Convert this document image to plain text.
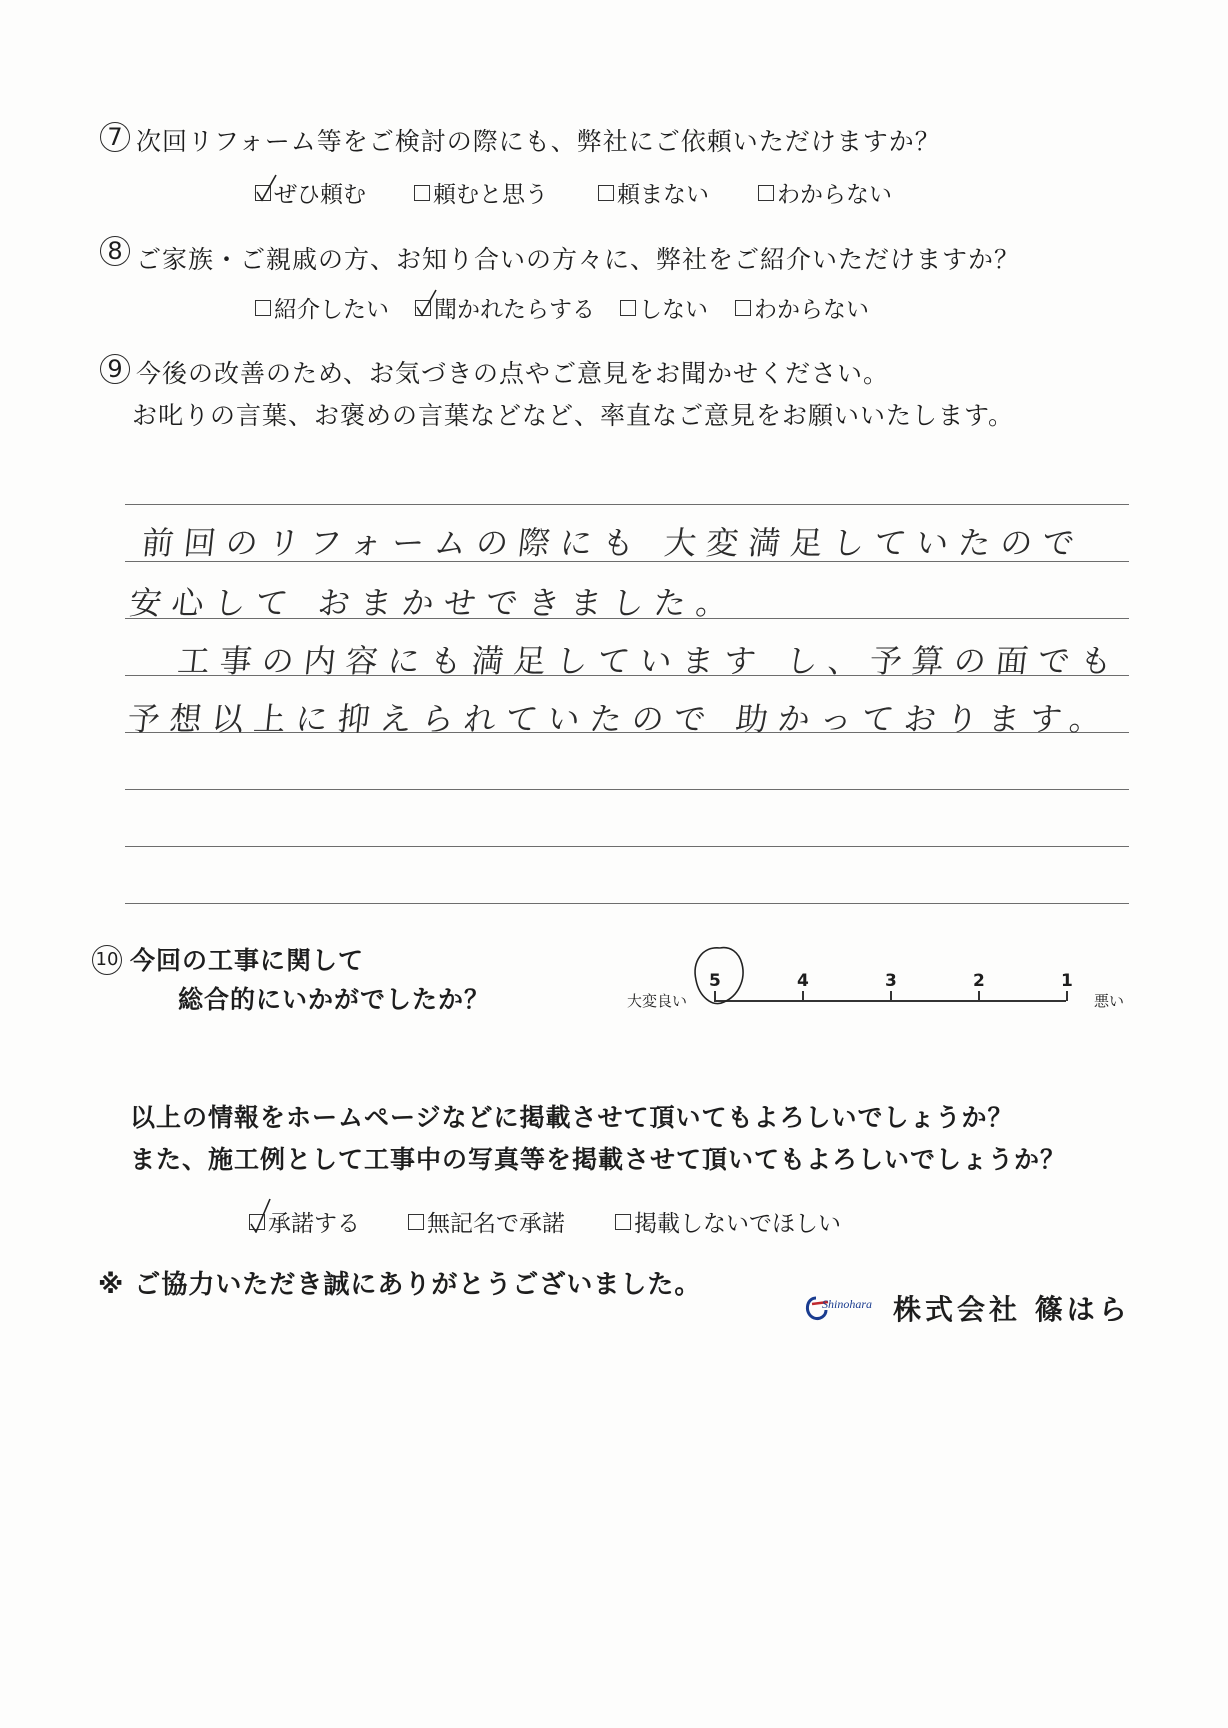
7 次回リフォーム等をご検討の際にも、弊社にご依頼いただけますか？
ぜひ頼む	頼むと思う	頼まない	わからない
8 ご家族・ご親戚の方、お知り合いの方々に、弊社をご紹介いただけますか？
紹介したい 聞かれたらする しない わからない
9 今後の改善のため、お気づきの点やご意見をお聞かせください。
お叱りの言葉、お褒めの言葉などなど、率直なご意見をお願いいたします。
前回のリフォームの際にも 大変満足していたので
安心して おまかせできました。
工事の内容にも満足しています し、予算の面でも
予想以上に抑えられていたので 助かっております。
10 今回の工事に関して
総合的にいかがでしたか？	大変良い	悪い
5	4	3	2	1
以上の情報をホームページなどに掲載させて頂いてもよろしいでしょうか？
また、施工例として工事中の写真等を掲載させて頂いてもよろしいでしょうか？
承諾する	無記名で承諾	掲載しないでほしい
※ ご協力いただき誠にありがとうございました。
Shinohara 株式会社 篠はら
